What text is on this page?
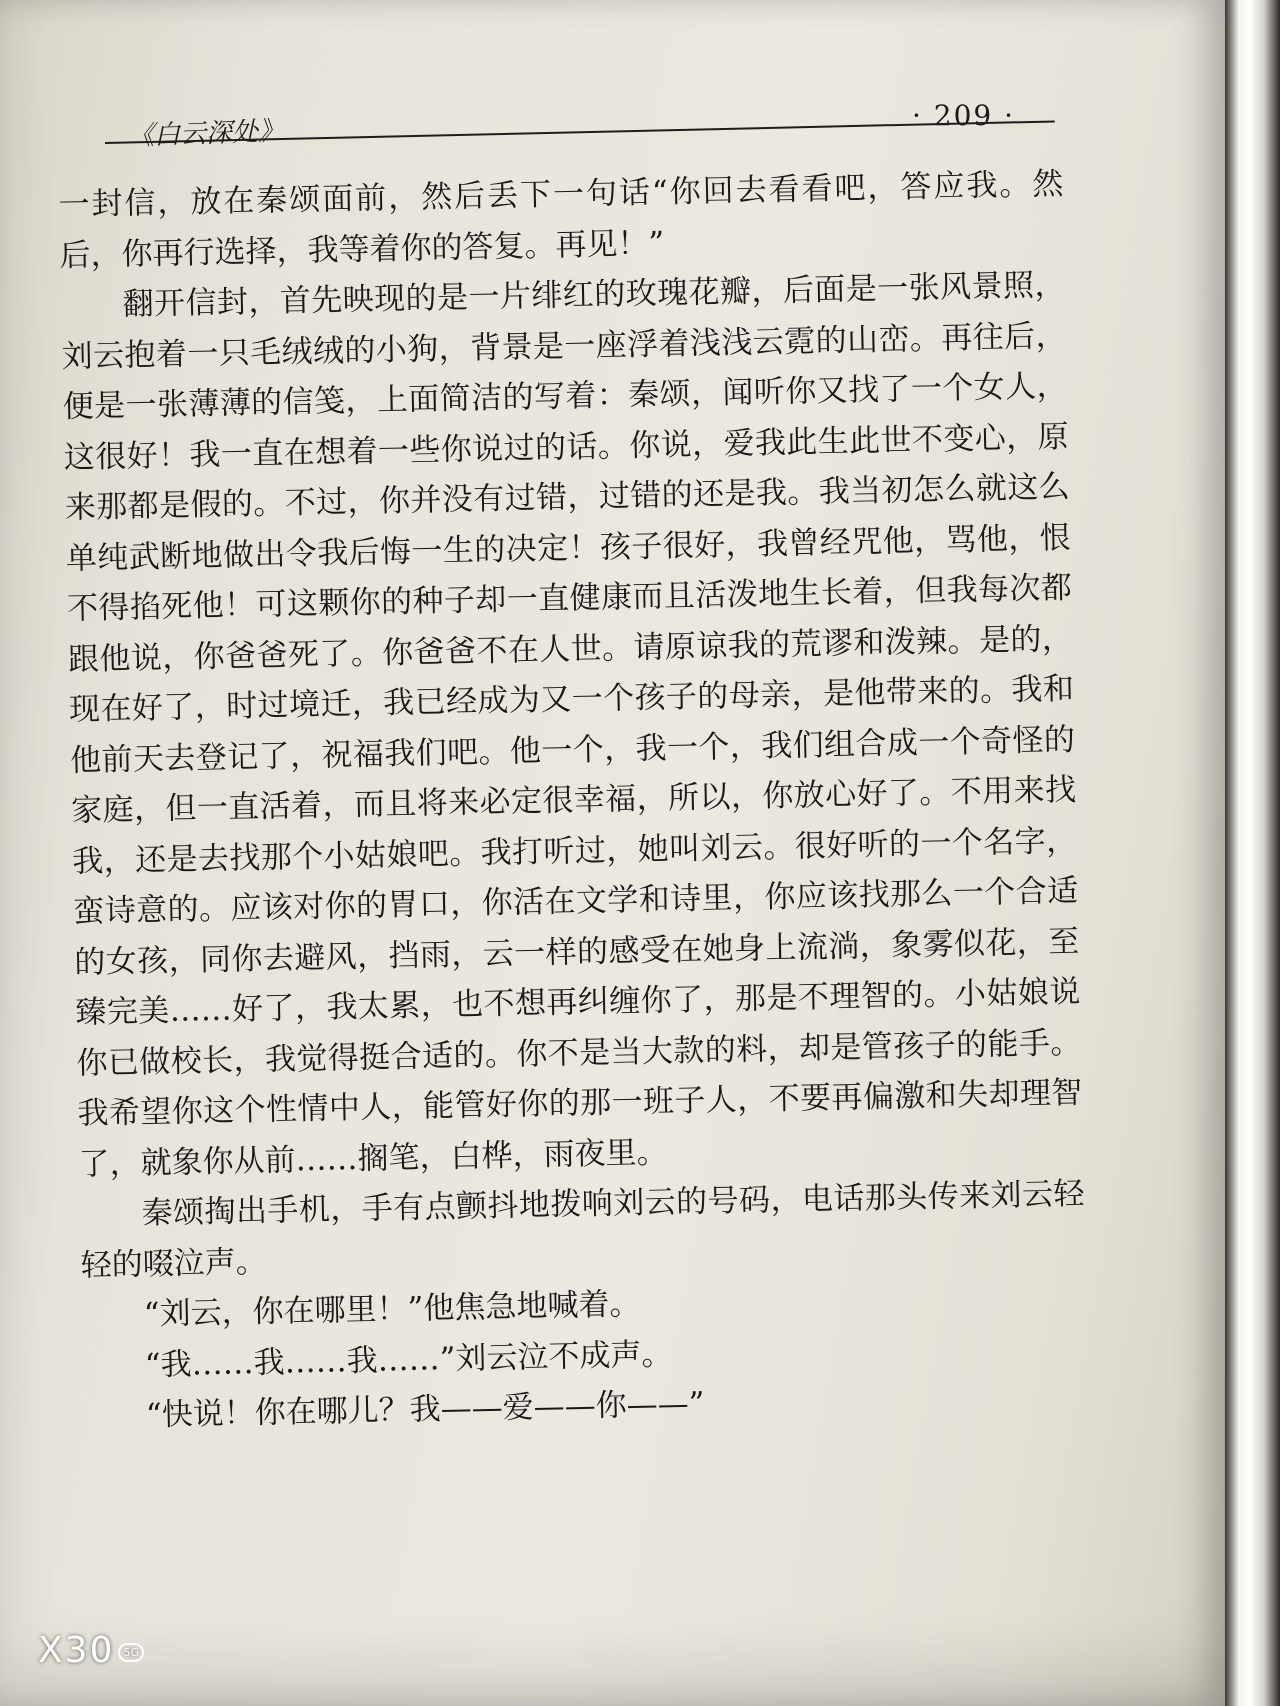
《白云深处》
· 209 ·

一封信，放在秦颂面前，然后丢下一句话“你回去看看吧，答应我。然后，你再行选择，我等着你的答复。再见！”

翻开信封，首先映现的是一片绯红的玫瑰花瓣，后面是一张风景照，刘云抱着一只毛绒绒的小狗，背景是一座浮着浅浅云霓的山峦。再往后，便是一张薄薄的信笺，上面简洁的写着：秦颂，闻听你又找了一个女人，这很好！我一直在想着一些你说过的话。你说，爱我此生此世不变心，原来那都是假的。不过，你并没有过错，过错的还是我。我当初怎么就这么单纯武断地做出令我后悔一生的决定！孩子很好，我曾经咒他，骂他，恨不得掐死他！可这颗你的种子却一直健康而且活泼地生长着，但我每次都跟他说，你爸爸死了。你爸爸不在人世。请原谅我的荒谬和泼辣。是的，现在好了，时过境迁，我已经成为又一个孩子的母亲，是他带来的。我和他前天去登记了，祝福我们吧。他一个，我一个，我们组合成一个奇怪的家庭，但一直活着，而且将来必定很幸福，所以，你放心好了。不用来找我，还是去找那个小姑娘吧。我打听过，她叫刘云。很好听的一个名字，蛮诗意的。应该对你的胃口，你活在文学和诗里，你应该找那么一个合适的女孩，同你去避风，挡雨，云一样的感受在她身上流淌，象雾似花，至臻完美……好了，我太累，也不想再纠缠你了，那是不理智的。小姑娘说你已做校长，我觉得挺合适的。你不是当大款的料，却是管孩子的能手。我希望你这个性情中人，能管好你的那一班子人，不要再偏激和失却理智了，就象你从前……搁笔，白桦，雨夜里。

秦颂掏出手机，手有点颤抖地拨响刘云的号码，电话那头传来刘云轻轻的啜泣声。

“刘云，你在哪里！”他焦急地喊着。

“我……我……我……”刘云泣不成声。

“快说！你在哪儿？我——爱——你——”

X30 5G
